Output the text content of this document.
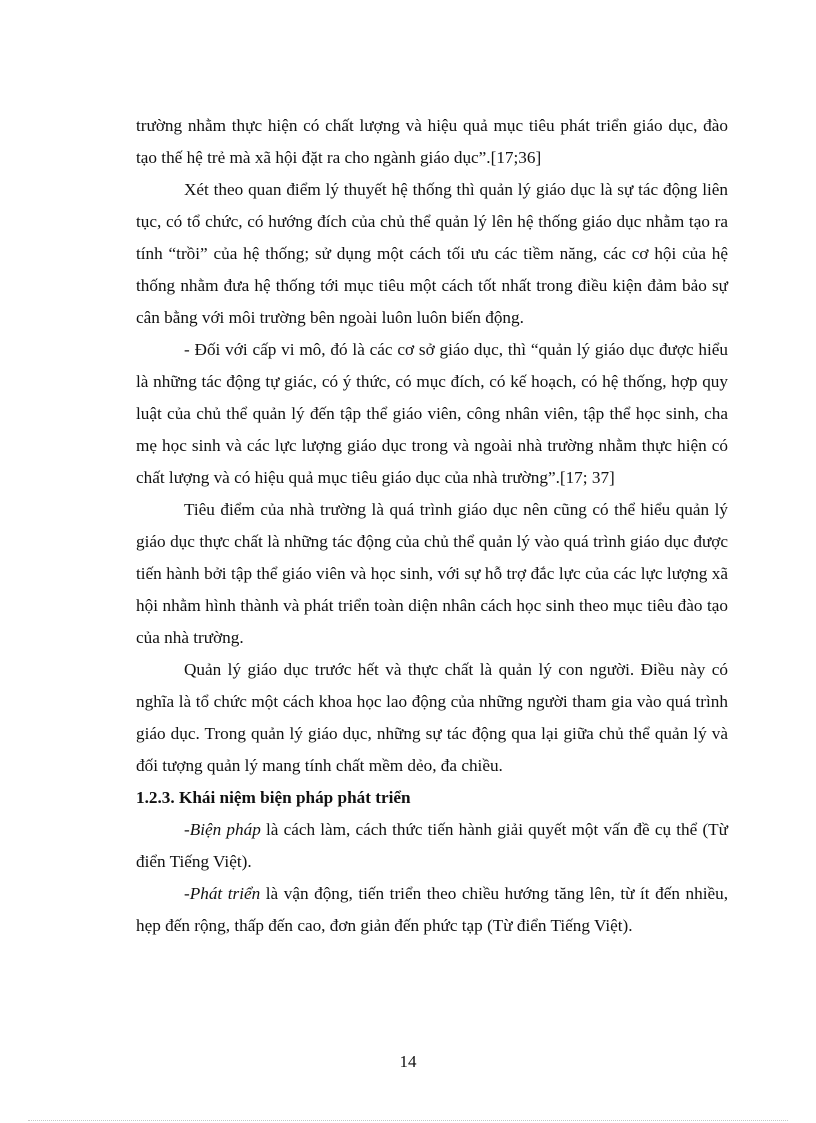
trường nhằm thực hiện có chất lượng và hiệu quả mục tiêu phát triển giáo dục, đào tạo thế hệ trẻ mà xã hội đặt ra cho ngành giáo dục”.[17;36]

Xét theo quan điểm lý thuyết hệ thống thì quản lý giáo dục là sự tác động liên tục, có tổ chức, có hướng đích của chủ thể quản lý lên hệ thống giáo dục nhằm tạo ra tính “trồi” của hệ thống; sử dụng một cách tối ưu các tiềm năng, các cơ hội của hệ thống nhằm đưa hệ thống tới mục tiêu một cách tốt nhất trong điều kiện đảm bảo sự cân bằng với môi trường bên ngoài luôn luôn biến động.

- Đối với cấp vi mô, đó là các cơ sở giáo dục, thì “quản lý giáo dục được hiểu là những tác động tự giác, có ý thức, có mục đích, có kế hoạch, có hệ thống, hợp quy luật của chủ thể quản lý đến tập thể giáo viên, công nhân viên, tập thể học sinh, cha mẹ học sinh và các lực lượng giáo dục trong và ngoài nhà trường nhằm thực hiện có chất lượng và có hiệu quả mục tiêu giáo dục của nhà trường”.[17; 37]

Tiêu điểm của nhà trường là quá trình giáo dục nên cũng có thể hiểu quản lý giáo dục thực chất là những tác động của chủ thể quản lý vào quá trình giáo dục được tiến hành bởi tập thể giáo viên và học sinh, với sự hỗ trợ đắc lực của các lực lượng xã hội nhằm hình thành và phát triển toàn diện nhân cách học sinh theo mục tiêu đào tạo của nhà trường.

Quản lý giáo dục trước hết và thực chất là quản lý con người. Điều này có nghĩa là tổ chức một cách khoa học lao động của những người tham gia vào quá trình giáo dục. Trong quản lý giáo dục, những sự tác động qua lại giữa chủ thể quản lý và đối tượng quản lý mang tính chất mềm dẻo, đa chiều.

1.2.3. Khái niệm biện pháp phát triển

-Biện pháp là cách làm, cách thức tiến hành giải quyết một vấn đề cụ thể (Từ điển Tiếng Việt).

-Phát triển là vận động, tiến triển theo chiều hướng tăng lên, từ ít đến nhiều, hẹp đến rộng, thấp đến cao, đơn giản đến phức tạp (Từ điển Tiếng Việt).

14
